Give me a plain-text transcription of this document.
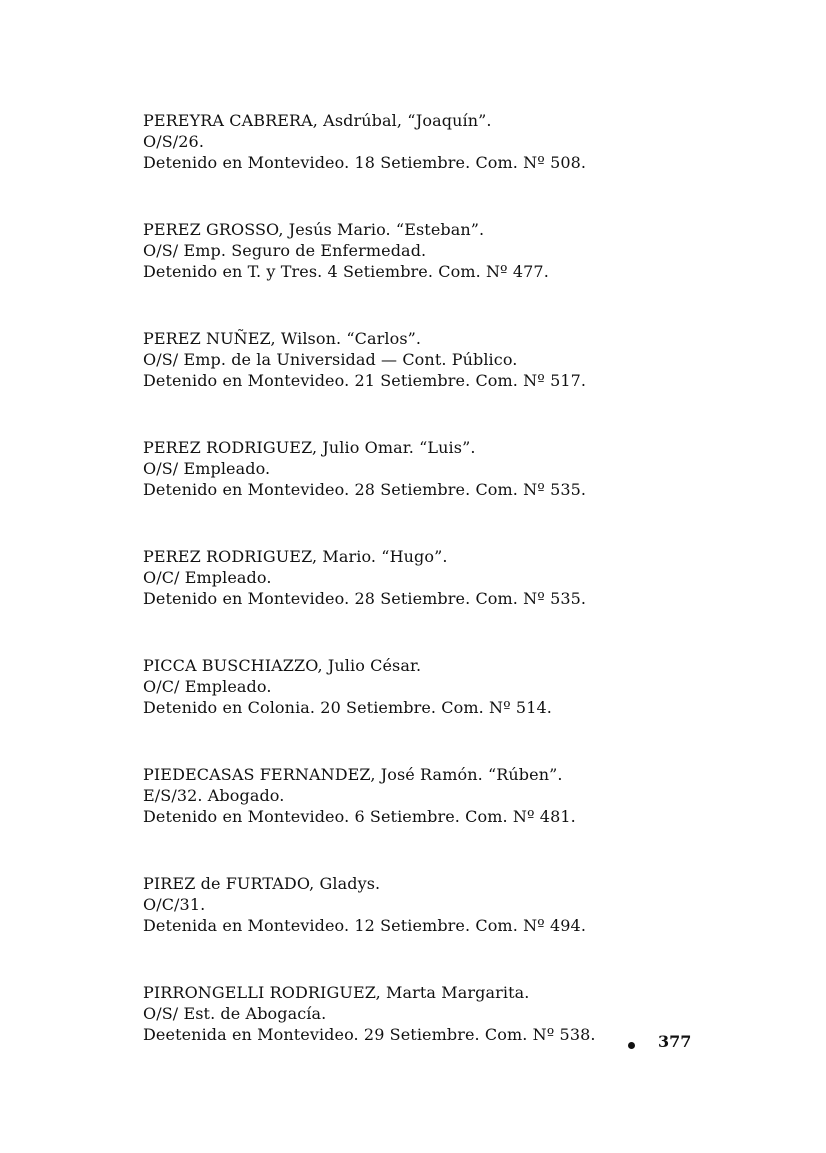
PEREYRA CABRERA, Asdrúbal, “Joaquín”.
O/S/26.
Detenido en Montevideo. 18 Setiembre. Com. Nº 508.
PEREZ GROSSO, Jesús Mario. “Esteban”.
O/S/ Emp. Seguro de Enfermedad.
Detenido en T. y Tres. 4 Setiembre. Com. Nº 477.
PEREZ NUÑEZ, Wilson. “Carlos”.
O/S/ Emp. de la Universidad — Cont. Público.
Detenido en Montevideo. 21 Setiembre. Com. Nº 517.
PEREZ RODRIGUEZ, Julio Omar. “Luis”.
O/S/ Empleado.
Detenido en Montevideo. 28 Setiembre. Com. Nº 535.
PEREZ RODRIGUEZ, Mario. “Hugo”.
O/C/ Empleado.
Detenido en Montevideo. 28 Setiembre. Com. Nº 535.
PICCA BUSCHIAZZO, Julio César.
O/C/ Empleado.
Detenido en Colonia. 20 Setiembre. Com. Nº 514.
PIEDECASAS FERNANDEZ, José Ramón. “Rúben”.
E/S/32. Abogado.
Detenido en Montevideo. 6 Setiembre. Com. Nº 481.
PIREZ de FURTADO, Gladys.
O/C/31.
Detenida en Montevideo. 12 Setiembre. Com. Nº 494.
PIRRONGELLI RODRIGUEZ, Marta Margarita.
O/S/ Est. de Abogacía.
Deetenida en Montevideo. 29 Setiembre. Com. Nº 538.	377
